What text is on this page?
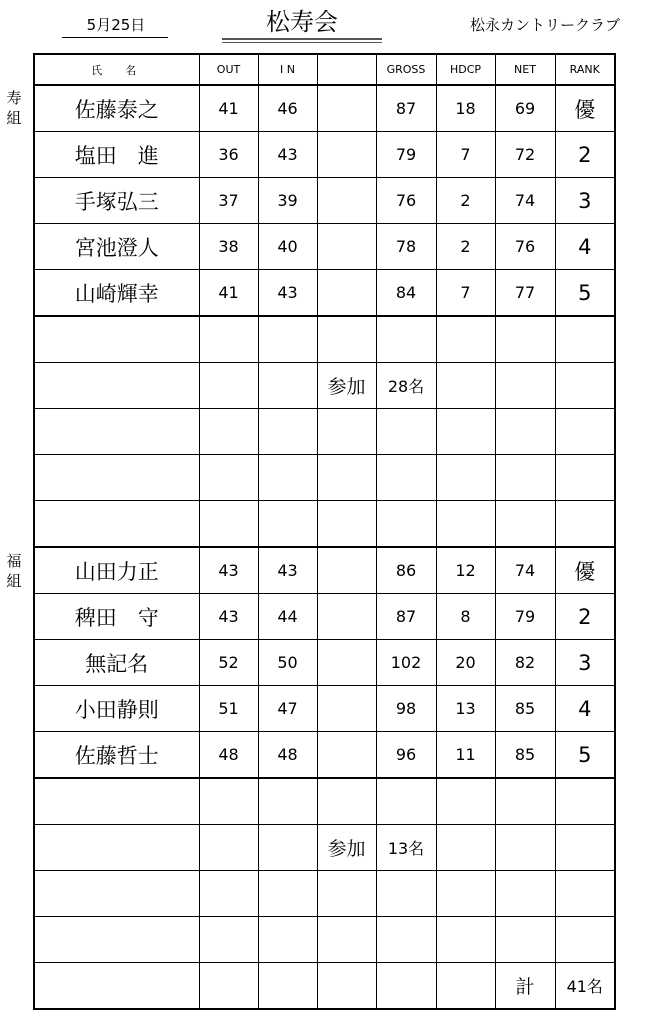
5月25日	松寿会	松永カントリークラブ
寿組
福組
氏　名	OUT	I N		GROSS	HDCP	NET	RANK
佐藤泰之	41	46		87	18	69	優
塩田　進	36	43		79	7	72	2
手塚弘三	37	39		76	2	74	3
宮池澄人	38	40		78	2	76	4
山崎輝幸	41	43		84	7	77	5

			参加	28名			

山田力正	43	43		86	12	74	優
稗田　守	43	44		87	8	79	2
無記名	52	50		102	20	82	3
小田静則	51	47		98	13	85	4
佐藤哲士	48	48		96	11	85	5

			参加	13名			

						計	41名
